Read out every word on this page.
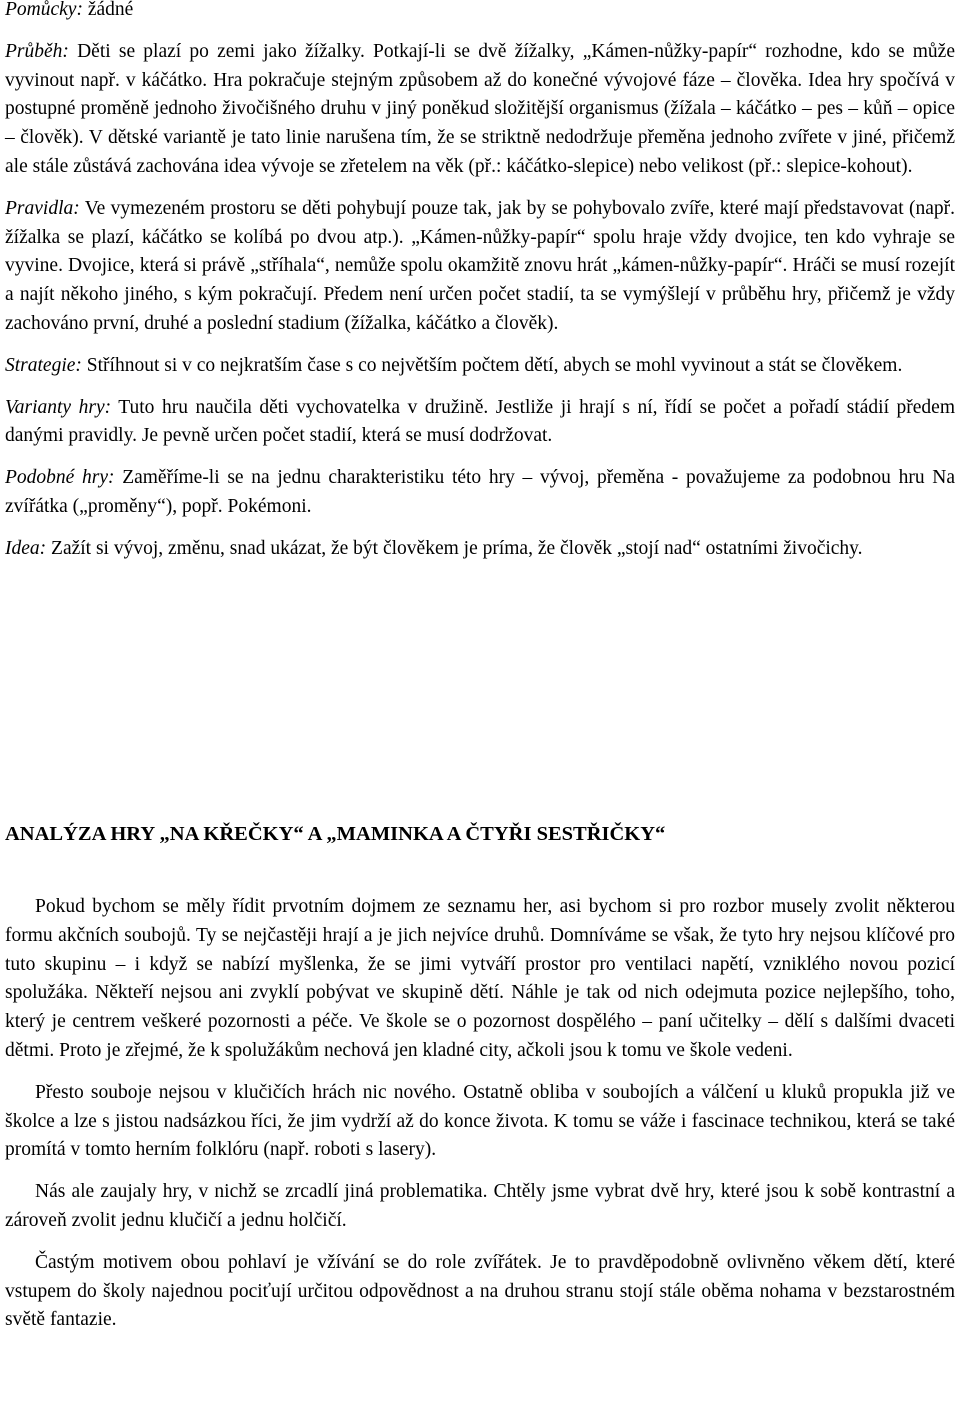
Pomůcky: žádné

Průběh: Děti se plazí po zemi jako žížalky. Potkají-li se dvě žížalky, „Kámen-nůžky-papír“ rozhodne, kdo se může vyvinout např. v káčátko. Hra pokračuje stejným způsobem až do konečné vývojové fáze – člověka. Idea hry spočívá v postupné proměně jednoho živočišného druhu v jiný poněkud složitější organismus (žížala – káčátko – pes – kůň – opice – člověk). V dětské variantě je tato linie narušena tím, že se striktně nedodržuje přeměna jednoho zvířete v jiné, přičemž ale stále zůstává zachována idea vývoje se zřetelem na věk (př.: káčátko-slepice) nebo velikost (př.: slepice-kohout).

Pravidla: Ve vymezeném prostoru se děti pohybují pouze tak, jak by se pohybovalo zvíře, které mají představovat (např. žížalka se plazí, káčátko se kolíbá po dvou atp.). „Kámen-nůžky-papír“ spolu hraje vždy dvojice, ten kdo vyhraje se vyvine. Dvojice, která si právě „stříhala“, nemůže spolu okamžitě znovu hrát „kámen-nůžky-papír“. Hráči se musí rozejít a najít někoho jiného, s kým pokračují. Předem není určen počet stadií, ta se vymýšlejí v průběhu hry, přičemž je vždy zachováno první, druhé a poslední stadium (žížalka, káčátko a člověk).

Strategie: Stříhnout si v co nejkratším čase s co největším počtem dětí, abych se mohl vyvinout a stát se člověkem.

Varianty hry: Tuto hru naučila děti vychovatelka v družině. Jestliže ji hrají s ní, řídí se počet a pořadí stádií předem danými pravidly. Je pevně určen počet stadií, která se musí dodržovat.

Podobné hry: Zaměříme-li se na jednu charakteristiku této hry – vývoj, přeměna - považujeme za podobnou hru Na zvířátka („proměny“), popř. Pokémoni.

Idea: Zažít si vývoj, změnu, snad ukázat, že být člověkem je príma, že člověk „stojí nad“ ostatními živočichy.

ANALÝZA HRY „NA KŘEČKY“ A „MAMINKA A ČTYŘI SESTŘIČKY“

Pokud bychom se měly řídit prvotním dojmem ze seznamu her, asi bychom si pro rozbor musely zvolit některou formu akčních soubojů. Ty se nejčastěji hrají a je jich nejvíce druhů. Domníváme se však, že tyto hry nejsou klíčové pro tuto skupinu – i když se nabízí myšlenka, že se jimi vytváří prostor pro ventilaci napětí, vzniklého novou pozicí spolužáka. Někteří nejsou ani zvyklí pobývat ve skupině dětí. Náhle je tak od nich odejmuta pozice nejlepšího, toho, který je centrem veškeré pozornosti a péče. Ve škole se o pozornost dospělého – paní učitelky – dělí s dalšími dvaceti dětmi. Proto je zřejmé, že k spolužákům nechová jen kladné city, ačkoli jsou k tomu ve škole vedeni.

Přesto souboje nejsou v klučičích hrách nic nového. Ostatně obliba v soubojích a válčení u kluků propukla již ve školce a lze s jistou nadsázkou říci, že jim vydrží až do konce života. K tomu se váže i fascinace technikou, která se také promítá v tomto herním folklóru (např. roboti s lasery).

Nás ale zaujaly hry, v nichž se zrcadlí jiná problematika. Chtěly jsme vybrat dvě hry, které jsou k sobě kontrastní a zároveň zvolit jednu klučičí a jednu holčičí.

Častým motivem obou pohlaví je vžívání se do role zvířátek. Je to pravděpodobně ovlivněno věkem dětí, které vstupem do školy najednou pociťují určitou odpovědnost a na druhou stranu stojí stále oběma nohama v bezstarostném světě fantazie.
